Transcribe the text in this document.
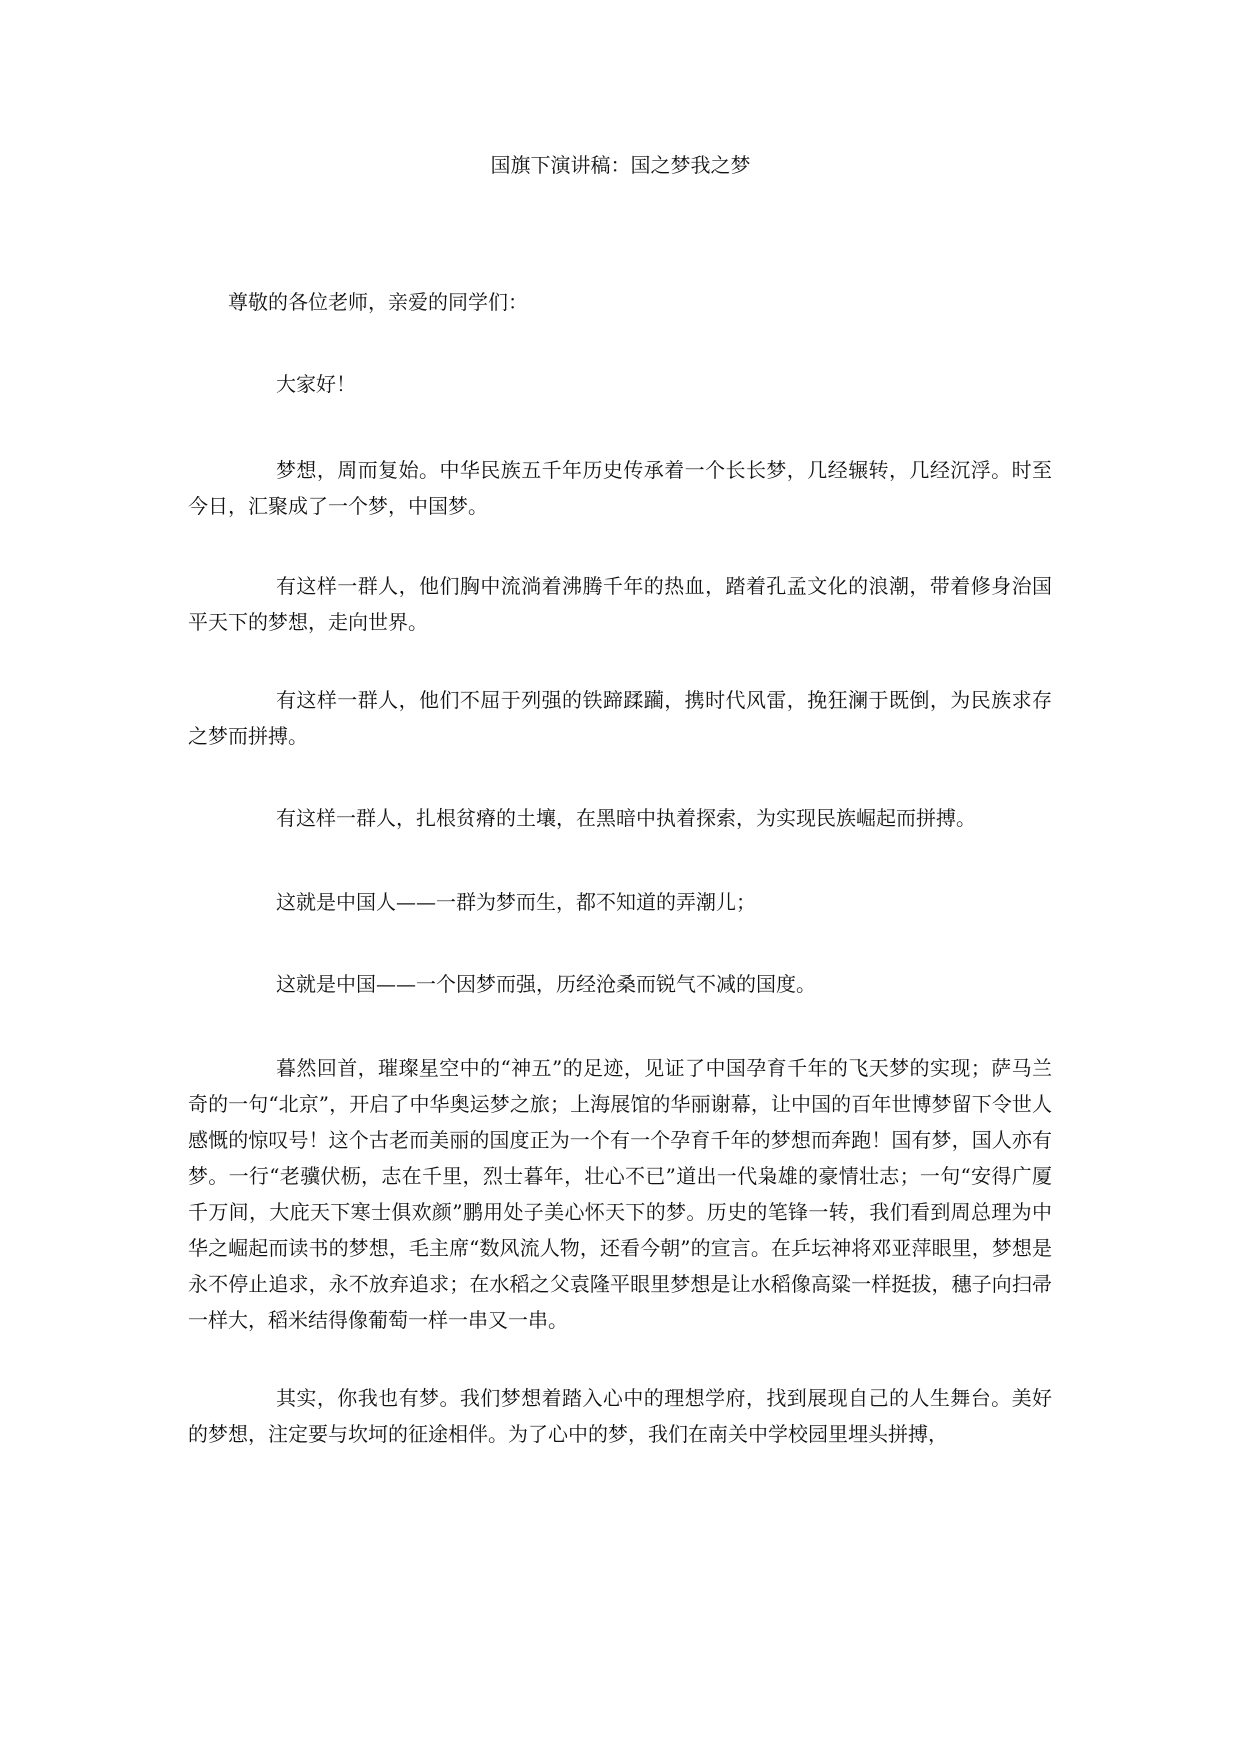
国旗下演讲稿：国之梦我之梦

尊敬的各位老师，亲爱的同学们：

大家好！

梦想，周而复始。中华民族五千年历史传承着一个长长梦，几经辗转，几经沉浮。时至今日，汇聚成了一个梦，中国梦。

有这样一群人，他们胸中流淌着沸腾千年的热血，踏着孔孟文化的浪潮，带着修身治国平天下的梦想，走向世界。

有这样一群人，他们不屈于列强的铁蹄蹂躏，携时代风雷，挽狂澜于既倒，为民族求存之梦而拼搏。

有这样一群人，扎根贫瘠的土壤，在黑暗中执着探索，为实现民族崛起而拼搏。

这就是中国人——一群为梦而生，都不知道的弄潮儿；

这就是中国——一个因梦而强，历经沧桑而锐气不减的国度。

暮然回首，璀璨星空中的“神五”的足迹，见证了中国孕育千年的飞天梦的实现；萨马兰奇的一句“北京”，开启了中华奥运梦之旅；上海展馆的华丽谢幕，让中国的百年世博梦留下令世人感慨的惊叹号！这个古老而美丽的国度正为一个有一个孕育千年的梦想而奔跑！国有梦，国人亦有梦。一行“老骥伏枥，志在千里，烈士暮年，壮心不已”道出一代枭雄的豪情壮志；一句“安得广厦千万间，大庇天下寒士俱欢颜”鹏用处子美心怀天下的梦。历史的笔锋一转，我们看到周总理为中华之崛起而读书的梦想，毛主席“数风流人物，还看今朝”的宣言。在乒坛神将邓亚萍眼里，梦想是永不停止追求，永不放弃追求；在水稻之父袁隆平眼里梦想是让水稻像高粱一样挺拔，穗子向扫帚一样大，稻米结得像葡萄一样一串又一串。

其实，你我也有梦。我们梦想着踏入心中的理想学府，找到展现自己的人生舞台。美好的梦想，注定要与坎坷的征途相伴。为了心中的梦，我们在南关中学校园里埋头拼搏，
